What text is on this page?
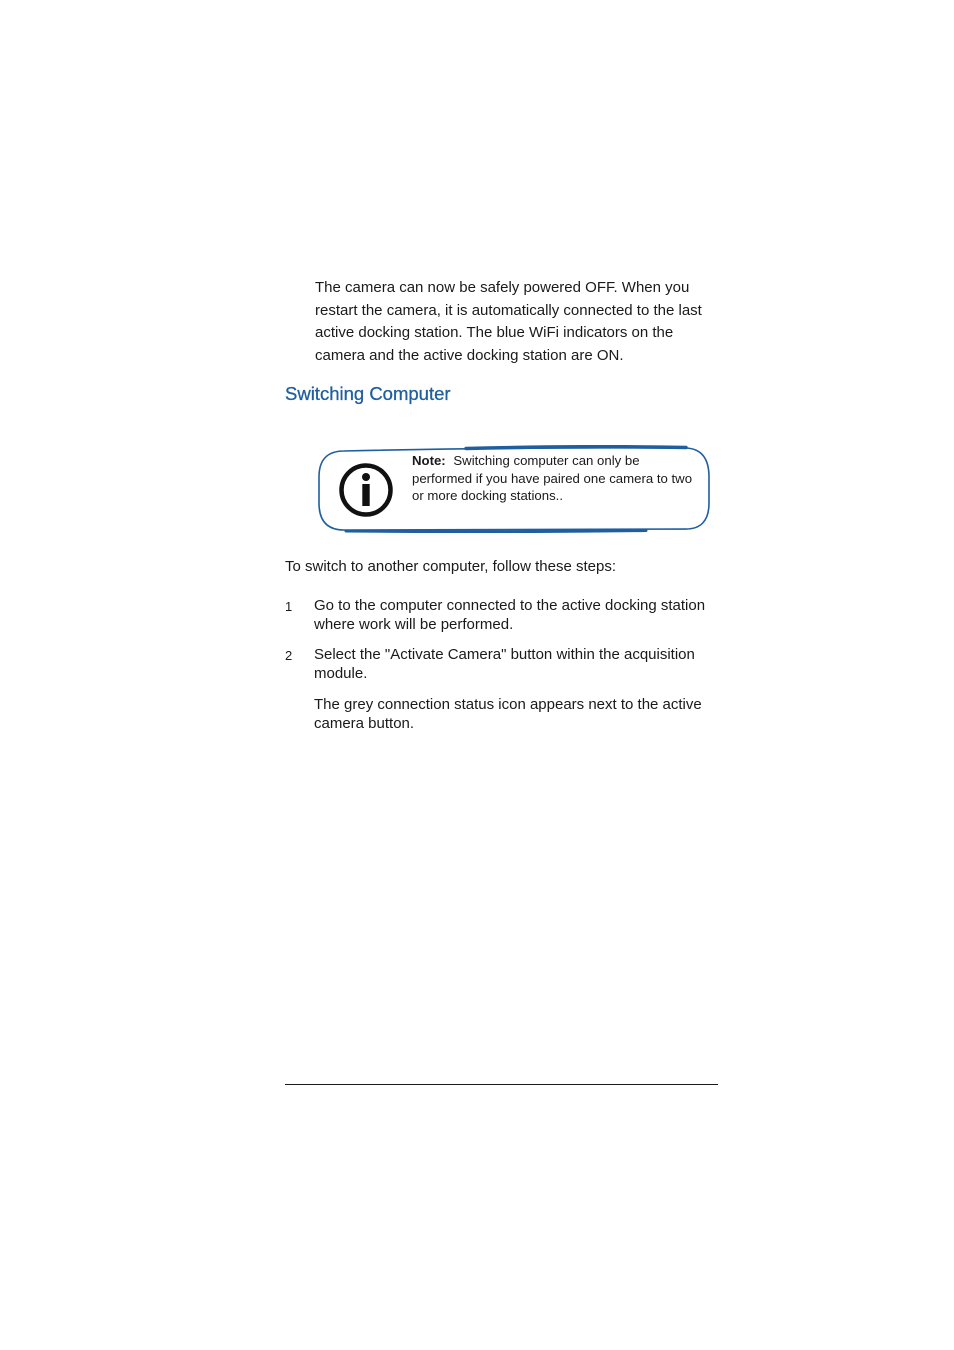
The camera can now be safely powered OFF. When you restart the camera, it is automatically connected to the last active docking station. The blue WiFi indicators on the camera and the active docking station are ON.

Switching Computer

Note: Switching computer can only be performed if you have paired one camera to two or more docking stations..

To switch to another computer, follow these steps:

1 Go to the computer connected to the active docking station where work will be performed.
2 Select the "Activate Camera" button within the acquisition module.

The grey connection status icon appears next to the active camera button.
